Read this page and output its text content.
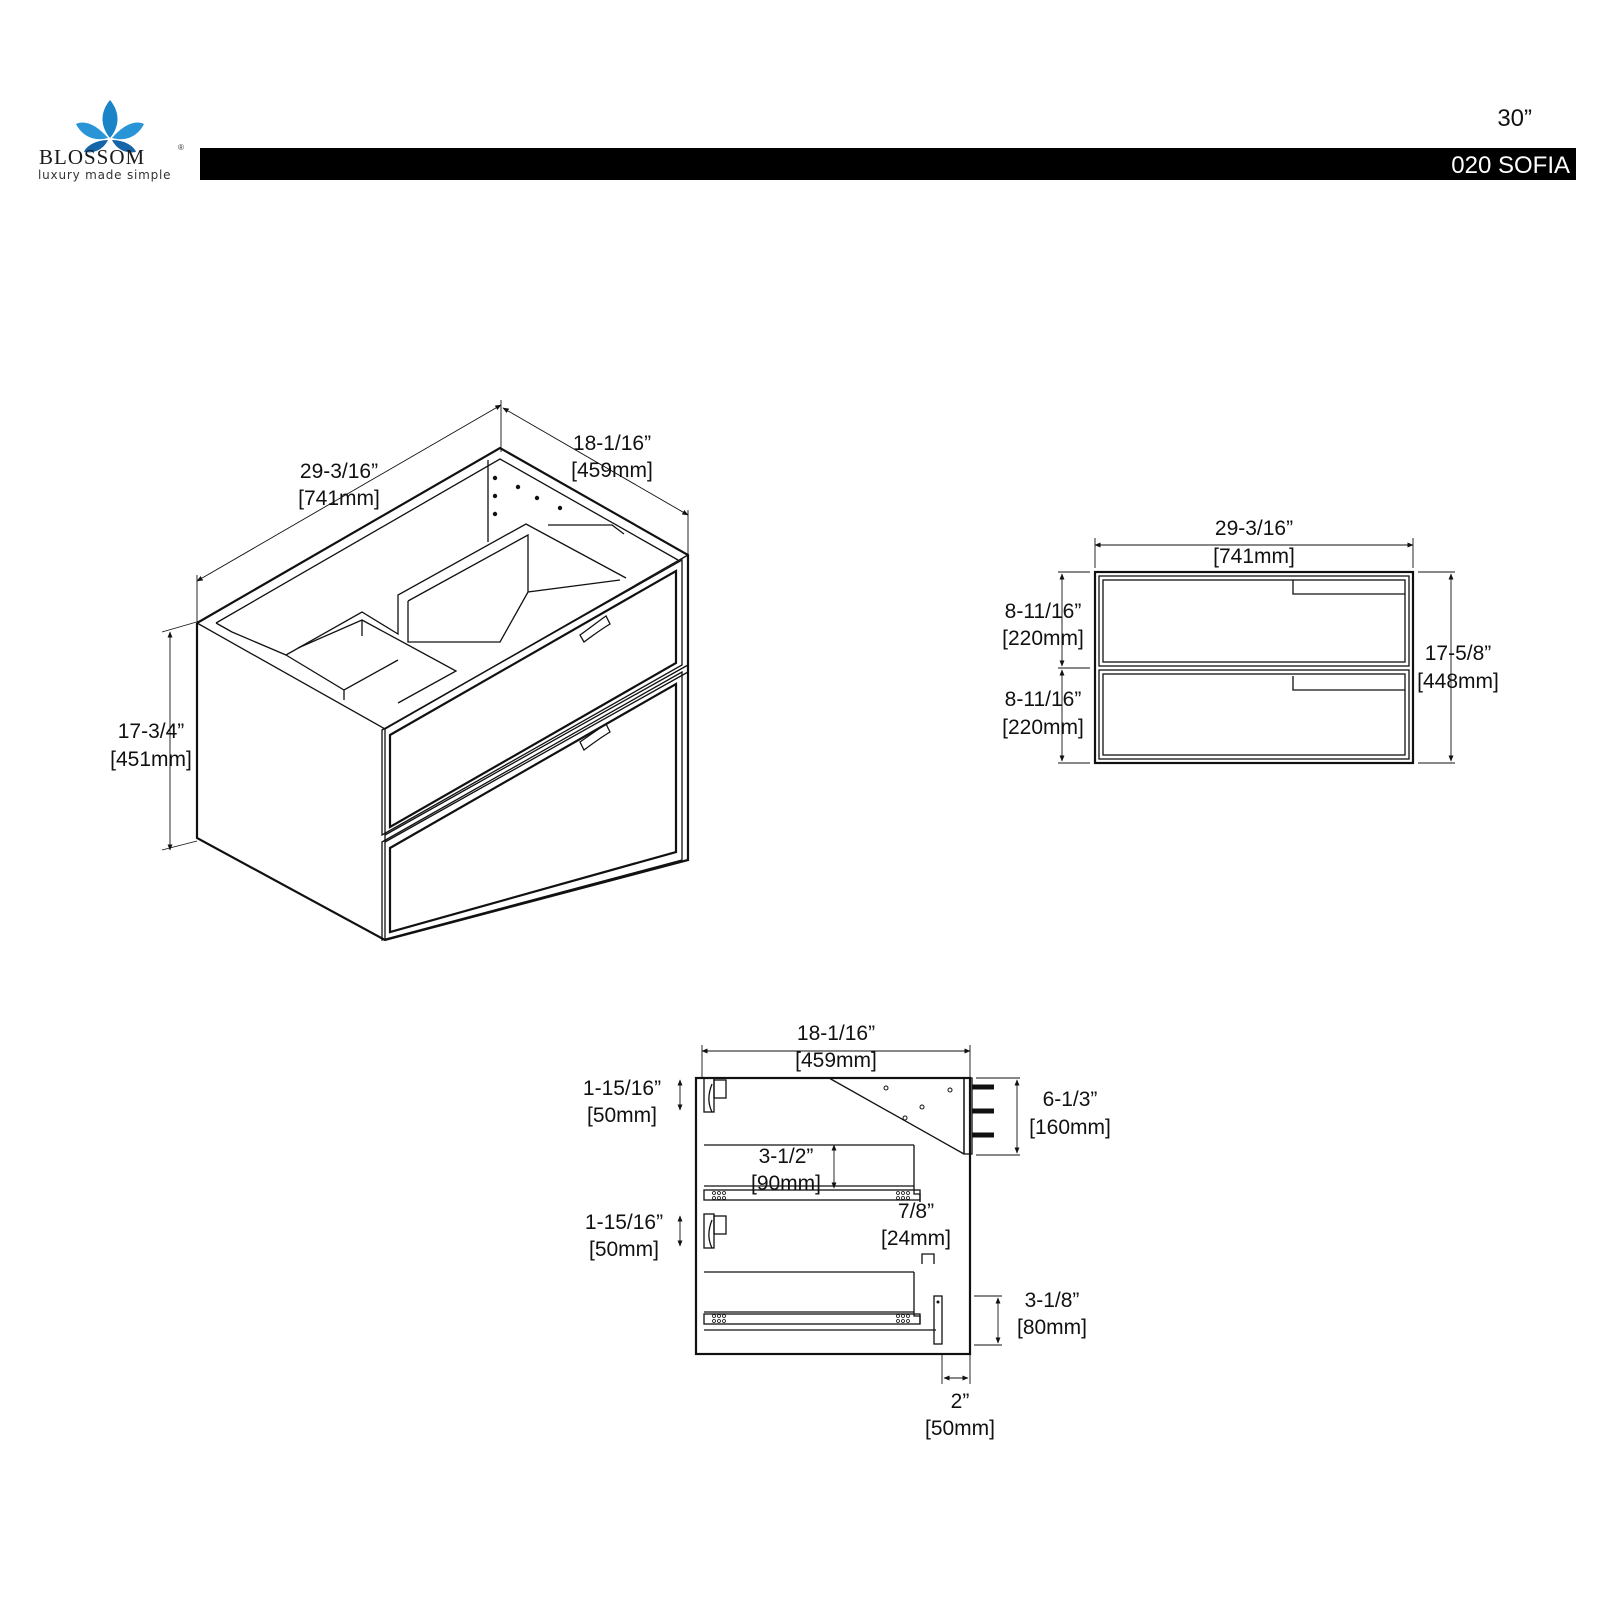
BLOSSOM	®
luxury made simple
30”
020 SOFIA
29-3/16”
[741mm]
18-1/16”
[459mm]
17-3/4”
[451mm]
29-3/16”
[741mm]
8-11/16”
[220mm]
8-11/16”
[220mm]
17-5/8”
[448mm]
18-1/16”
[459mm]
1-15/16”
[50mm]
3-1/2”
[90mm]
6-1/3”
[160mm]
1-15/16”
[50mm]
7/8”
[24mm]
3-1/8”
[80mm]
2”
[50mm]
